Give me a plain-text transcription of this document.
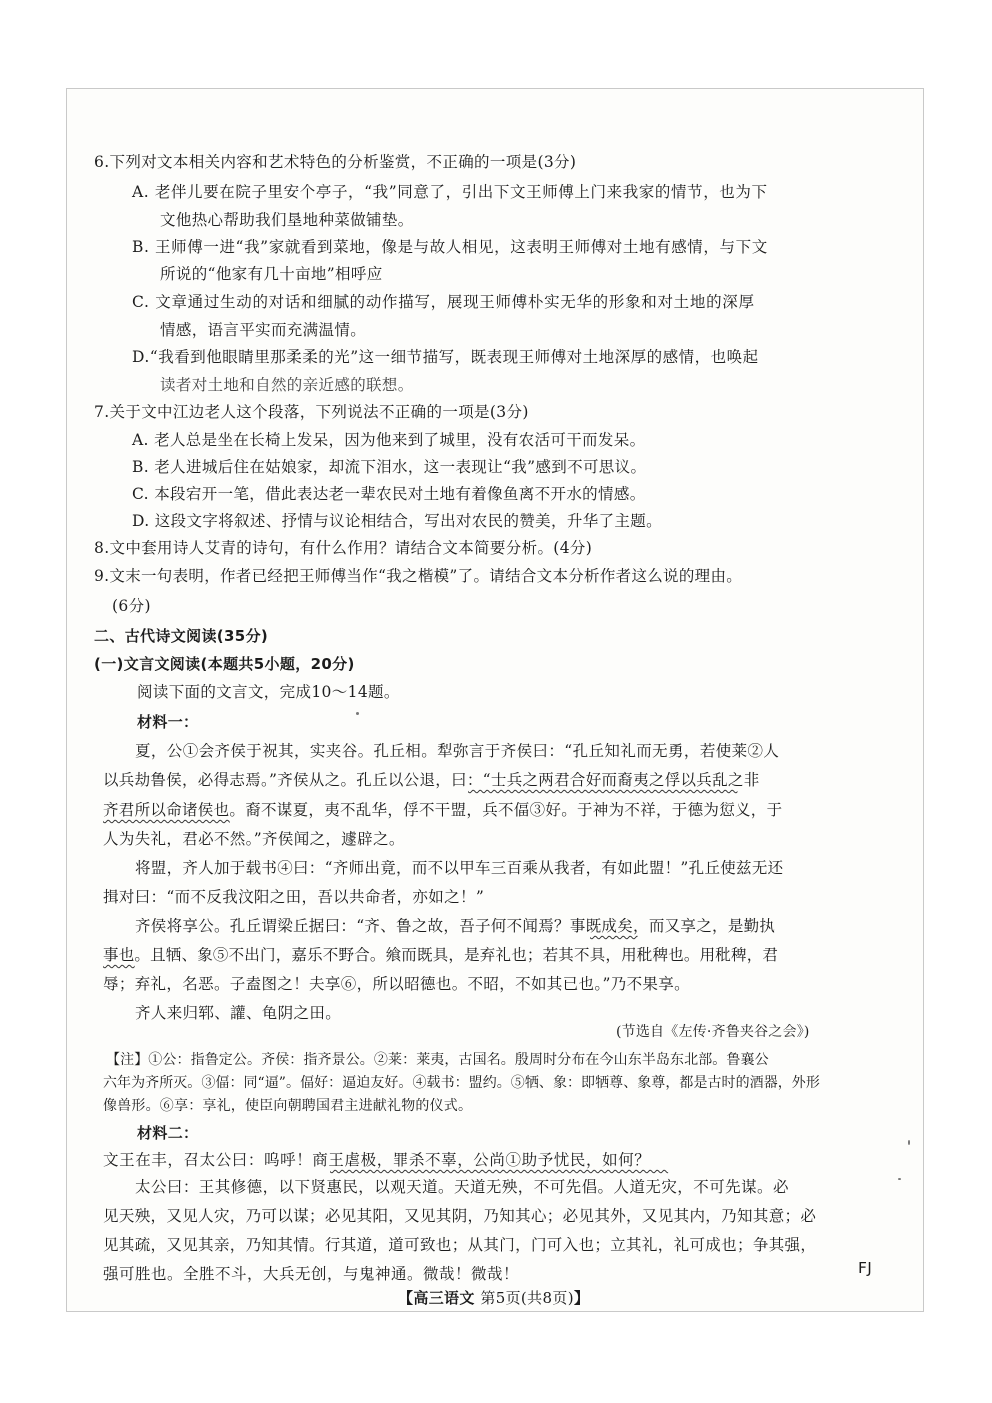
6.下列对文本相关内容和艺术特色的分析鉴赏，不正确的一项是(3分)
A. 老伴儿要在院子里安个亭子，“我”同意了，引出下文王师傅上门来我家的情节，也为下
文他热心帮助我们垦地种菜做铺垫。
B. 王师傅一进“我”家就看到菜地，像是与故人相见，这表明王师傅对土地有感情，与下文
所说的“他家有几十亩地”相呼应
C. 文章通过生动的对话和细腻的动作描写，展现王师傅朴实无华的形象和对土地的深厚
情感，语言平实而充满温情。
D.“我看到他眼睛里那柔柔的光”这一细节描写，既表现王师傅对土地深厚的感情，也唤起
读者对土地和自然的亲近感的联想。
7.关于文中江边老人这个段落，下列说法不正确的一项是(3分)
A. 老人总是坐在长椅上发呆，因为他来到了城里，没有农活可干而发呆。
B. 老人进城后住在姑娘家，却流下泪水，这一表现让“我”感到不可思议。
C. 本段宕开一笔，借此表达老一辈农民对土地有着像鱼离不开水的情感。
D. 这段文字将叙述、抒情与议论相结合，写出对农民的赞美，升华了主题。
8.文中套用诗人艾青的诗句，有什么作用？请结合文本简要分析。(4分)
9.文末一句表明，作者已经把王师傅当作“我之楷模”了。请结合文本分析作者这么说的理由。
(6分)
二、古代诗文阅读(35分)
(一)文言文阅读(本题共5小题，20分)
阅读下面的文言文，完成10～14题。
材料一：
夏，公①会齐侯于祝其，实夹谷。孔丘相。犁弥言于齐侯曰：“孔丘知礼而无勇，若使莱②人
以兵劫鲁侯，必得志焉。”齐侯从之。孔丘以公退，曰：“士兵之两君合好而裔夷之俘以兵乱之非
齐君所以命诸侯也。裔不谋夏，夷不乱华，俘不干盟，兵不偪③好。于神为不祥，于德为愆义，于
人为失礼，君必不然。”齐侯闻之，遽辟之。
将盟，齐人加于载书④曰：“齐师出竟，而不以甲车三百乘从我者，有如此盟！”孔丘使兹无还
揖对曰：“而不反我汶阳之田，吾以共命者，亦如之！”
齐侯将享公。孔丘谓梁丘据曰：“齐、鲁之故，吾子何不闻焉？事既成矣，而又享之，是勤执
事也。且牺、象⑤不出门，嘉乐不野合。飨而既具，是弃礼也；若其不具，用秕稗也。用秕稗，君
辱；弃礼，名恶。子盍图之！夫享⑥，所以昭德也。不昭，不如其已也。”乃不果享。
齐人来归郓、讙、龟阴之田。
(节选自《左传·齐鲁夹谷之会》)
【注】①公：指鲁定公。齐侯：指齐景公。②莱：莱夷，古国名。殷周时分布在今山东半岛东北部。鲁襄公
六年为齐所灭。③偪：同“逼”。偪好：逼迫友好。④载书：盟约。⑤牺、象：即牺尊、象尊，都是古时的酒器，外形
像兽形。⑥享：享礼，使臣向朝聘国君主进献礼物的仪式。
材料二：
文王在丰，召太公曰：呜呼！商王虐极，罪杀不辜，公尚①助予忧民，如何？
太公曰：王其修德，以下贤惠民，以观天道。天道无殃，不可先倡。人道无灾，不可先谋。必
见天殃，又见人灾，乃可以谋；必见其阳，又见其阴，乃知其心；必见其外，又见其内，乃知其意；必
见其疏，又见其亲，乃知其情。行其道，道可致也；从其门，门可入也；立其礼，礼可成也；争其强，
强可胜也。全胜不斗，大兵无创，与鬼神通。微哉！微哉！	FJ
【高三语文 第5页(共8页)】
